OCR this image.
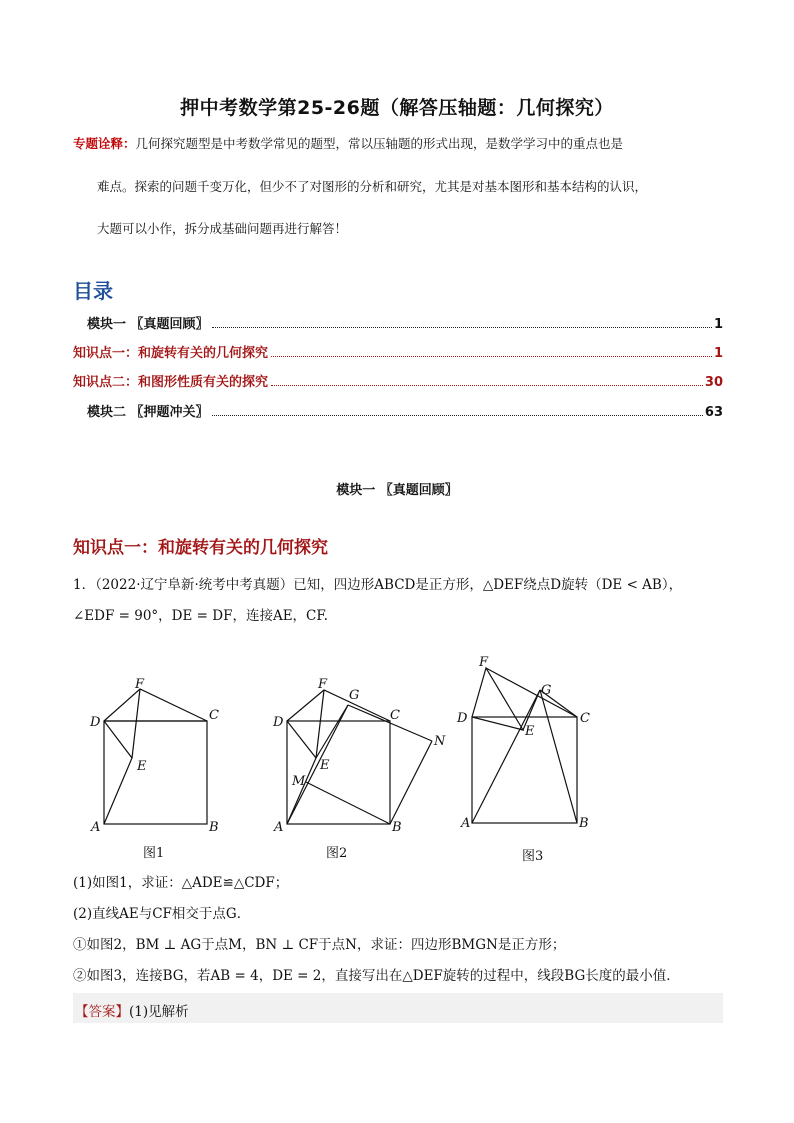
押中考数学第25-26题（解答压轴题：几何探究）
专题诠释：几何探究题型是中考数学常见的题型，常以压轴题的形式出现，是数学学习中的重点也是
难点。探索的问题千变万化，但少不了对图形的分析和研究，尤其是对基本图形和基本结构的认识，
大题可以小作，拆分成基础问题再进行解答！
目录
模块一 〖真题回顾〗	1
知识点一：和旋转有关的几何探究	1
知识点二：和图形性质有关的探究	30
模块二 〖押题冲关〗	63
模块一 〖真题回顾〗
知识点一：和旋转有关的几何探究
1．（2022·辽宁阜新·统考中考真题）已知，四边形ABCD是正方形，△DEF绕点D旋转（DE < AB），
∠EDF = 90°，DE = DF，连接AE，CF.
F
D	C
E
A	B
F
G
D	C
N
E
M
A	B
F
G
D	C
E
A	B
图1	图2	图3
(1)如图1，求证：△ADE≌△CDF；
(2)直线AE与CF相交于点G．
①如图2，BM ⊥ AG于点M，BN ⊥ CF于点N，求证：四边形BMGN是正方形；
②如图3，连接BG，若AB = 4，DE = 2，直接写出在△DEF旋转的过程中，线段BG长度的最小值．
【答案】(1)见解析
